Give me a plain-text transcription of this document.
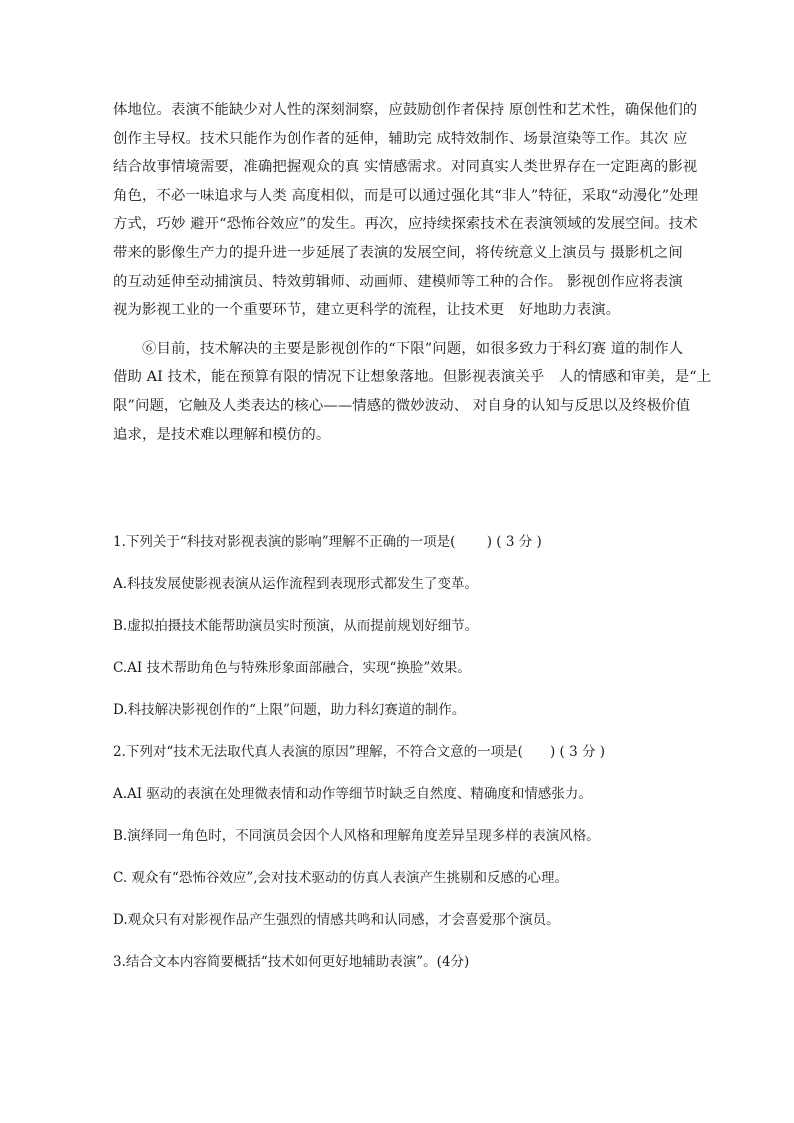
体地位。表演不能缺少对人性的深刻洞察，应鼓励创作者保持 原创性和艺术性，确保他们的
创作主导权。技术只能作为创作者的延伸，辅助完 成特效制作、场景渲染等工作。其次 应
结合故事情境需要，准确把握观众的真 实情感需求。对同真实人类世界存在一定距离的影视
角色，不必一味追求与人类 高度相似，而是可以通过强化其“非人”特征，采取“动漫化”处理
方式，巧妙 避开“恐怖谷效应”的发生。再次，应持续探索技术在表演领域的发展空间。技术
带来的影像生产力的提升进一步延展了表演的发展空间，将传统意义上演员与 摄影机之间
的互动延伸至动捕演员、特效剪辑师、动画师、建模师等工种的合作。 影视创作应将表演
视为影视工业的一个重要环节，建立更科学的流程，让技术更　好地助力表演。
⑥目前，技术解决的主要是影视创作的“下限”问题，如很多致力于科幻赛 道的制作人
借助 AI 技术，能在预算有限的情况下让想象落地。但影视表演关乎　人的情感和审美，是“上
限”问题，它触及人类表达的核心——情感的微妙波动、 对自身的认知与反思以及终极价值
追求，是技术难以理解和模仿的。
1.下列关于“科技对影视表演的影响”理解不正确的一项是(　　 ) ( 3 分 )
A.科技发展使影视表演从运作流程到表现形式都发生了变革。
B.虚拟拍摄技术能帮助演员实时预演，从而提前规划好细节。
C.AI 技术帮助角色与特殊形象面部融合，实现“换脸”效果。
D.科技解决影视创作的“上限”问题，助力科幻赛道的制作。
2.下列对“技术无法取代真人表演的原因”理解，不符合文意的一项是(　　) ( 3 分 )
A.AI 驱动的表演在处理微表情和动作等细节时缺乏自然度、精确度和情感张力。
B.演绎同一角色时，不同演员会因个人风格和理解角度差异呈现多样的表演风格。
C. 观众有“恐怖谷效应”,会对技术驱动的仿真人表演产生挑剔和反感的心理。
D.观众只有对影视作品产生强烈的情感共鸣和认同感，才会喜爱那个演员。
3.结合文本内容简要概括“技术如何更好地辅助表演”。(4分)
